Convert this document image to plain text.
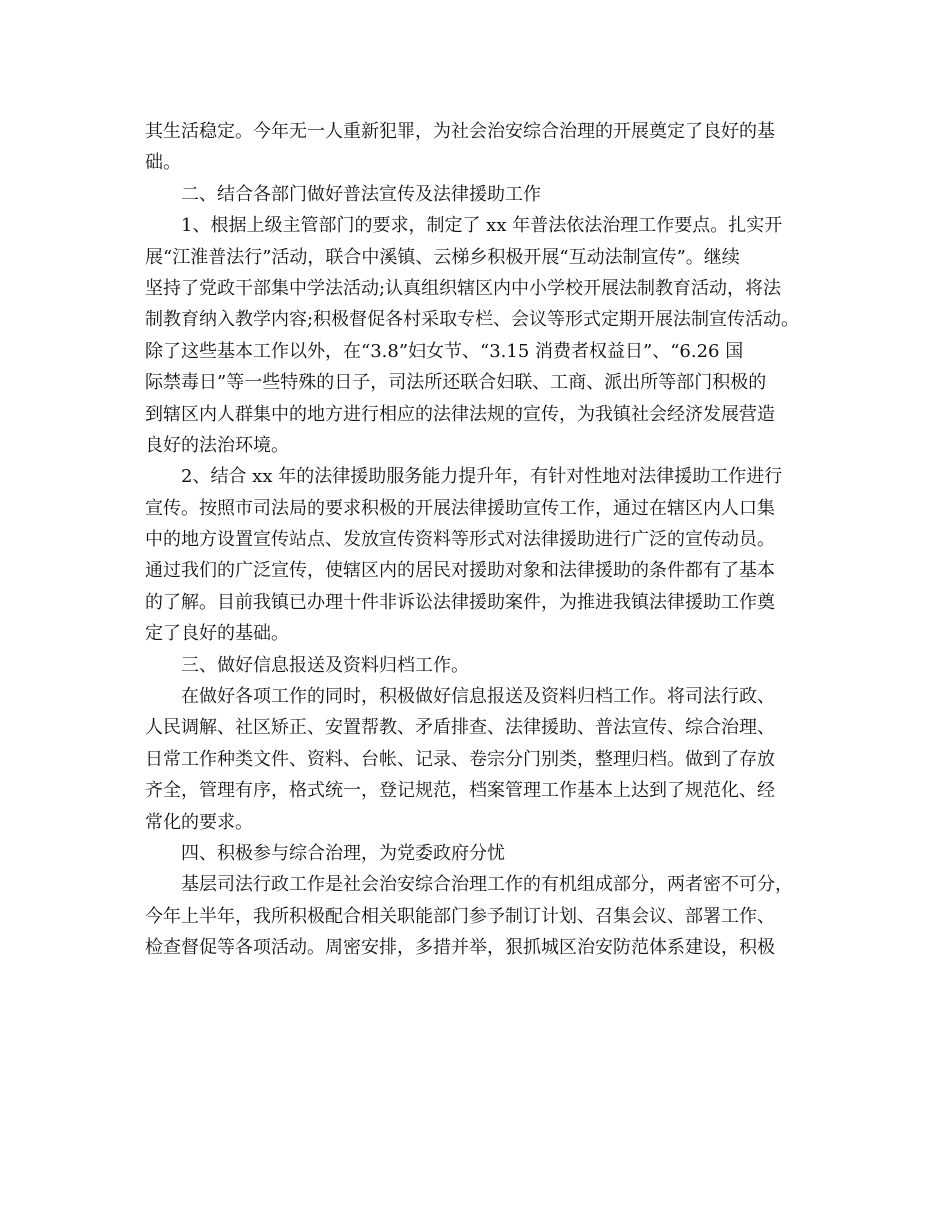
其生活稳定。今年无一人重新犯罪，为社会治安综合治理的开展奠定了良好的基
础。
二、结合各部门做好普法宣传及法律援助工作
1、根据上级主管部门的要求，制定了 xx 年普法依法治理工作要点。扎实开
展“江淮普法行”活动，联合中溪镇、云梯乡积极开展“互动法制宣传”。继续
坚持了党政干部集中学法活动;认真组织辖区内中小学校开展法制教育活动，将法
制教育纳入教学内容;积极督促各村采取专栏、会议等形式定期开展法制宣传活动。
除了这些基本工作以外，在“3.8”妇女节、“3.15 消费者权益日”、“6.26 国
际禁毒日”等一些特殊的日子，司法所还联合妇联、工商、派出所等部门积极的
到辖区内人群集中的地方进行相应的法律法规的宣传，为我镇社会经济发展营造
良好的法治环境。
2、结合 xx 年的法律援助服务能力提升年，有针对性地对法律援助工作进行
宣传。按照市司法局的要求积极的开展法律援助宣传工作，通过在辖区内人口集
中的地方设置宣传站点、发放宣传资料等形式对法律援助进行广泛的宣传动员。
通过我们的广泛宣传，使辖区内的居民对援助对象和法律援助的条件都有了基本
的了解。目前我镇已办理十件非诉讼法律援助案件，为推进我镇法律援助工作奠
定了良好的基础。
三、做好信息报送及资料归档工作。
在做好各项工作的同时，积极做好信息报送及资料归档工作。将司法行政、
人民调解、社区矫正、安置帮教、矛盾排查、法律援助、普法宣传、综合治理、
日常工作种类文件、资料、台帐、记录、卷宗分门别类，整理归档。做到了存放
齐全，管理有序，格式统一，登记规范，档案管理工作基本上达到了规范化、经
常化的要求。
四、积极参与综合治理，为党委政府分忧
基层司法行政工作是社会治安综合治理工作的有机组成部分，两者密不可分，
今年上半年，我所积极配合相关职能部门参予制订计划、召集会议、部署工作、
检查督促等各项活动。周密安排，多措并举，狠抓城区治安防范体系建设，积极
